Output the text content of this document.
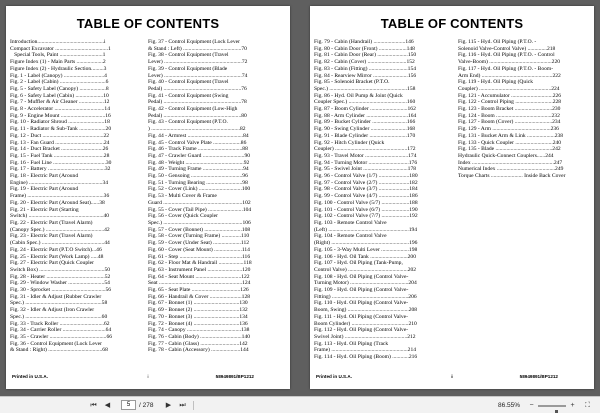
TABLE OF CONTENTS
Introduction................................................i
Compact Excavator ......................................1
Special Tools, Paint ...............................1
Figure Index (1) - Main Parts ...................2
Figure Index (2) - Hydraulic Section.........3
Fig. 1 - Label (Canopy) .............................4
Fig. 2 - Label (Cabin) .................................6
Fig. 5 - Safety Label (Canopy) ...................8
Fig. 6 - Safety Label (Cabin) ....................10
Fig. 7 - Muffler & Air Cleaner ..................12
Fig. 8 - Accelerator ....................................14
Fig. 9 - Engine Mount ................................16
Fig. 10 - Radiator Shroud ..........................18
Fig. 11 - Radiator & Sub-Tank ...................20
Fig. 12 - Duct ............................................22
Fig. 13 - Fan Guard ...................................24
Fig. 14 - Duct Bracket ..............................26
Fig. 15 - Fuel Tank ....................................28
Fig. 16 - Fuel Line ......................................30
Fig. 17 - Battery .........................................32
Fig. 18 - Electric Part (Around
Engine) .....................................................34
Fig. 19 - Electric Part (Around
Frame) .......................................................36
Fig. 20 - Electric Part (Around Seat)......38
Fig. 21 - Electric Part (Starting
Switch) ......................................................40
Fig. 22 - Electric Part (Travel Alarm)
(Canopy Spec.) ..........................................42
Fig. 23 - Electric Part (Travel Alarm)
(Cabin Spec.) .............................................44
Fig. 24 - Electric Part (P.T.O Switch)...46
Fig. 25 - Electric Part (Work Lamp) .....48
Fig. 27 - Electric Part (Quick Coupler
Switch Box) ...............................................50
Fig. 28 - Heater ..........................................52
Fig. 29 - Window Washer ..........................54
Fig. 30 - Sprocket .......................................56
Fig. 31 - Idler & Adjust (Rubber Crawler
Spec.) .......................................................58
Fig. 32 - Idler & Adjust (Iron Crawler
Spec.) .......................................................60
Fig. 33 - Track Roller ................................62
Fig. 34 - Carrier Roller ...............................64
Fig. 35 - Crawler .........................................66
Fig. 36 - Control Equipment (Lock Lever
& Stand : Right) .......................................68
Fig. 37 - Control Equipment (Lock Lever
& Stand : Left) ..........................................70
Fig. 38 - Control Equipment (Travel
Lever) ........................................................72
Fig. 39 - Control Equipment (Blade
Lever) ........................................................74
Fig. 40 - Control Equipment (Travel
Pedal) ........................................................76
Fig. 41 - Control Equipment (Swing
Pedal) ........................................................78
Fig. 42 - Control Equipment (Low-High
Pedal) ........................................................80
Fig. 43 - Control Equipment (P.T.O.
) ................................................................82
Fig. 44 - Armrest ........................................84
Fig. 45 - Control Valve Plate ....................86
Fig. 46 - Track Frame ................................88
Fig. 47 - Crawler Guard ..............................90
Fig. 48 - Weight ..........................................92
Fig. 49 - Turning Frame .............................94
Fig. 50 - Gensoing .....................................96
Fig. 51 - Turning Bearing ..........................98
Fig. 52 - Cover (Link) ...............................100
Fig. 53 - Multi Cover & Frame
Guard .........................................................102
Fig. 55 - Cover (Tail Pipe) .........................104
Fig. 56 - Cover (Quick Coupler
Spec.) .........................................................106
Fig. 57 - Cover (Bonnet) ...........................108
Fig. 58 - Cover (Turning Frame) ..............110
Fig. 59 - Cover (Under Seat) ....................112
Fig. 60 - Cover (Seat Mount) ....................114
Fig. 61 - Step .............................................116
Fig. 62 - Floor Mat & Handrail ..................118
Fig. 63 - Instrument Panel .........................120
Fig. 64 - Seat Mount .................................122
Seat ............................................................124
Fig. 65 - Seat Plate ...................................126
Fig. 66 - Handrail & Cover .......................128
Fig. 67 - Bonnet (1) .................................130
Fig. 69 - Bonnet (2) .................................132
Fig. 70 - Bonnet (3) .................................134
Fig. 72 - Bonnet (4) .................................136
Fig. 74 - Canopy .......................................138
Fig. 76 - Cabin (Body) ..............................140
Fig. 77 - Cabin (Glass) ............................142
Fig. 78 - Cabin (Accessory) .....................144
Printed in U.S.A.	i	58949891/BP1212
TABLE OF CONTENTS
Fig. 79 - Cabin (Handrail) .......................146
Fig. 80 - Cabin Door (Front) ....................148
Fig. 81 - Cabin Door (Rear) ......................150
Fig. 82 - Cabin (Cover) ............................152
Fig. 83 - Cabin (Fitting) ............................154
Fig. 84 - Rearview Mirror .........................156
Fig. 85 - Solenoid Bracket (P.T.O.
Spec.) ........................................................158
Fig. 86 - Hyd. Oil Pump & Joint (Quick
Coupler Spec.) ..........................................160
Fig. 87 - Boom Cylinder ...........................162
Fig. 88 - Arm Cylinder ..............................164
Fig. 89 - Bucket Cylinder .........................166
Fig. 90 - Swing Cylinder ..........................168
Fig. 91 - Blade Cylinder ...........................170
Fig. 92 - Hitch Cylinder (Quick
Coupler) ....................................................172
Fig. 93 - Travel Motor ...............................174
Fig. 94 - Turning Motor .............................176
Fig. 95 - Swivel Joint ................................178
Fig. 96 - Control Valve (1/7) ......................180
Fig. 97 - Control Valve (2/7) ......................182
Fig. 98 - Control Valve (3/7) ......................184
Fig. 99 - Control Valve (4/7) ......................186
Fig. 100 - Control Valve (5/7) ....................188
Fig. 101 - Control Valve (6/7) ....................190
Fig. 102 - Control Valve (7/7) ....................192
Fig. 103 - Remote Control Valve
(Left) ..........................................................194
Fig. 104 - Remote Control Valve
(Right) ........................................................196
Fig. 105 - 3-Way Multi Lever ....................198
Fig. 106 - Hyd. Oil Tank ...........................200
Fig. 107 - Hyd. Oil Piping (Tank-Pump,
Control Valve) ...........................................202
Fig. 108 - Hyd. Oil Piping (Control Valve-
Turning Motor) ..........................................204
Fig. 109 - Hyd. Oil Piping (Control Valve-
Fitting) .......................................................206
Fig. 110 - Hyd. Oil Piping (Control Valve-
Boom, Swing) ............................................208
Fig. 111 - Hyd. Oil Piping (Control Valve-
Boom Cylinder) .........................................210
Fig. 112 - Hyd. Oil Piping (Control Valve-
Swivel Joint) .............................................212
Fig. 113 - Hyd. Oil Piping (Track
Frame) .......................................................214
Fig. 114 - Hyd. Oil Piping (Boom) ............216
Fig. 115 - Hyd. Oil Piping (P.T.O. -
Solenoid Valve-Control Valve) ..............218
Fig. 116 - Hyd. Oil Piping (P.T.O. - Control
Valve-Boom) .............................................220
Fig. 117 - Hyd. Oil Piping (P.T.O. - Boom-
Arm End) ...................................................222
Fig. 119 - Hyd. Oil Piping (Quick
Coupler) ....................................................224
Fig. 121 - Accumulator ..............................226
Fig. 122 - Control Piping ...........................228
Fig. 123 - Boom Bracket ...........................230
Fig. 124 - Boom ........................................232
Fig. 127 - Boom (Cover) ...........................234
Fig. 129 - Arm ..........................................236
Fig. 131 - Bucket Arm & Link ....................238
Fig. 133 - Quick Coupler ...........................240
Fig. 135 - Blade .........................................242
Hydraulic Quick-Connect Couplers......244
Index ...........................................................247
Numerical Index ..........................................249
Torque Charts ....................... Inside Back Cover
Printed in U.S.A.	ii	58949891/BP1212
⏮	◀
5	/ 278	▶	⏭	86.55%	−	+	⛶
